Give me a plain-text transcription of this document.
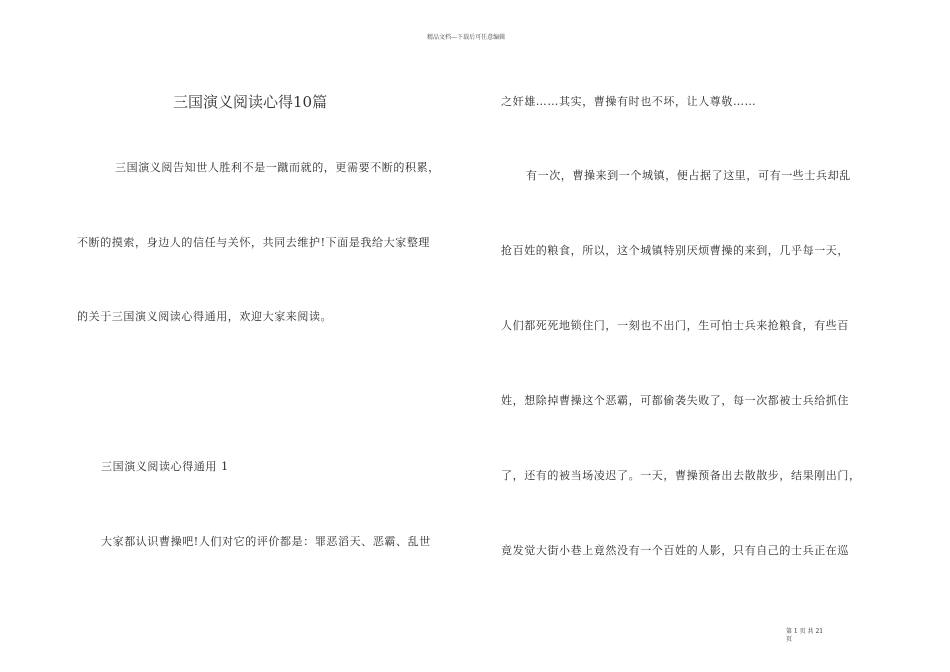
精品文档---下载后可任意编辑
三国演义阅读心得10篇
三国演义阅告知世人胜利不是一蹴而就的，更需要不断的积累，
不断的摸索，身边人的信任与关怀，共同去维护!下面是我给大家整理
的关于三国演义阅读心得通用，欢迎大家来阅读。
三国演义阅读心得通用 1
大家都认识曹操吧!人们对它的评价都是：罪恶滔天、恶霸、乱世
之奸雄……其实，曹操有时也不坏，让人尊敬……
有一次，曹操来到一个城镇，便占据了这里，可有一些士兵却乱
抢百姓的粮食，所以，这个城镇特别厌烦曹操的来到，几乎每一天，
人们都死死地锁住门，一刻也不出门，生可怕士兵来抢粮食，有些百
姓，想除掉曹操这个恶霸，可都偷袭失败了，每一次都被士兵给抓住
了，还有的被当场凌迟了。一天，曹操预备出去散散步，结果刚出门，
竟发觉大街小巷上竟然没有一个百姓的人影，只有自己的士兵正在巡
第 1 页 共 21
页
